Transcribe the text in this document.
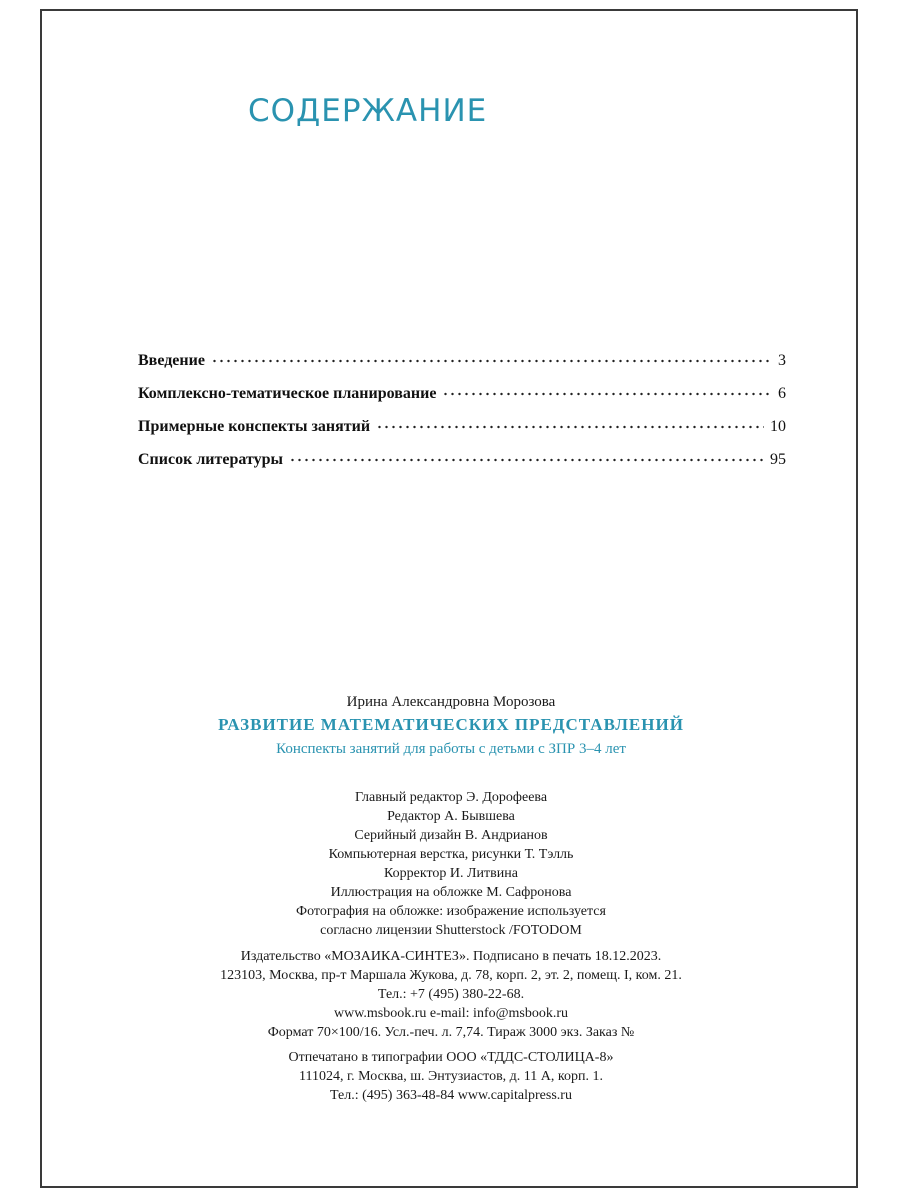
СОДЕРЖАНИЕ
Введение	3
Комплексно-тематическое планирование	6
Примерные конспекты занятий	10
Список литературы	95
Ирина Александровна Морозова
РАЗВИТИЕ МАТЕМАТИЧЕСКИХ ПРЕДСТАВЛЕНИЙ
Конспекты занятий для работы с детьми с ЗПР 3–4 лет
Главный редактор Э. Дорофеева
Редактор А. Бывшева
Серийный дизайн В. Андрианов
Компьютерная верстка, рисунки Т. Тэлль
Корректор И. Литвина
Иллюстрация на обложке М. Сафронова
Фотография на обложке: изображение используется
согласно лицензии Shutterstock /FOTODOM
Издательство «МОЗАИКА-СИНТЕЗ». Подписано в печать 18.12.2023.
123103, Москва, пр-т Маршала Жукова, д. 78, корп. 2, эт. 2, помещ. I, ком. 21.
Тел.: +7 (495) 380-22-68.
www.msbook.ru e-mail: info@msbook.ru
Формат 70×100/16. Усл.-печ. л. 7,74. Тираж 3000 экз. Заказ №
Отпечатано в типографии ООО «ТДДС-СТОЛИЦА-8»
111024, г. Москва, ш. Энтузиастов, д. 11 А, корп. 1.
Тел.: (495) 363-48-84 www.capitalpress.ru
